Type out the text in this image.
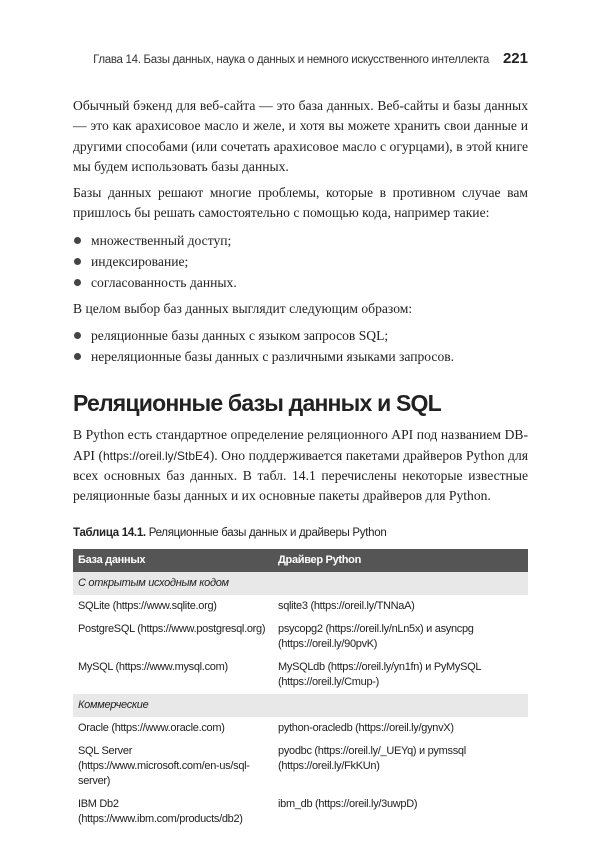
Глава 14. Базы данных, наука о данных и немного искусственного интеллекта 221

Обычный бэкенд для веб-сайта — это база данных. Веб-сайты и базы данных — это как арахисовое масло и желе, и хотя вы можете хранить свои данные и другими способами (или сочетать арахисовое масло с огурцами), в этой книге мы будем использовать базы данных.

Базы данных решают многие проблемы, которые в противном случае вам пришлось бы решать самостоятельно с помощью кода, например такие:

множественный доступ;
индексирование;
согласованность данных.

В целом выбор баз данных выглядит следующим образом:

реляционные базы данных с языком запросов SQL;
нереляционные базы данных с различными языками запросов.
Реляционные базы данных и SQL

В Python есть стандартное определение реляционного API под названием DB-API (https://oreil.ly/StbE4). Оно поддерживается пакетами драйверов Python для всех основных баз данных. В табл. 14.1 перечислены некоторые известные реляционные базы данных и их основные пакеты драйверов для Python.

Таблица 14.1. Реляционные базы данных и драйверы Python
База данных	Драйвер Python
С открытым исходным кодом	
SQLite (https://www.sqlite.org)	sqlite3 (https://oreil.ly/TNNaA)
PostgreSQL (https://www.postgresql.org)	psycopg2 (https://oreil.ly/nLn5x) и asyncpg (https://oreil.ly/90pvK)
MySQL (https://www.mysql.com)	MySQLdb (https://oreil.ly/yn1fn) и PyMySQL (https://oreil.ly/Cmup-)
Коммерческие	
Oracle (https://www.oracle.com)	python-oracledb (https://oreil.ly/gynvX)
SQL Server (https://www.microsoft.com/en-us/sql-server)	pyodbc (https://oreil.ly/_UEYq) и pymssql (https://oreil.ly/FkKUn)
IBM Db2 (https://www.ibm.com/products/db2)	ibm_db (https://oreil.ly/3uwpD)
